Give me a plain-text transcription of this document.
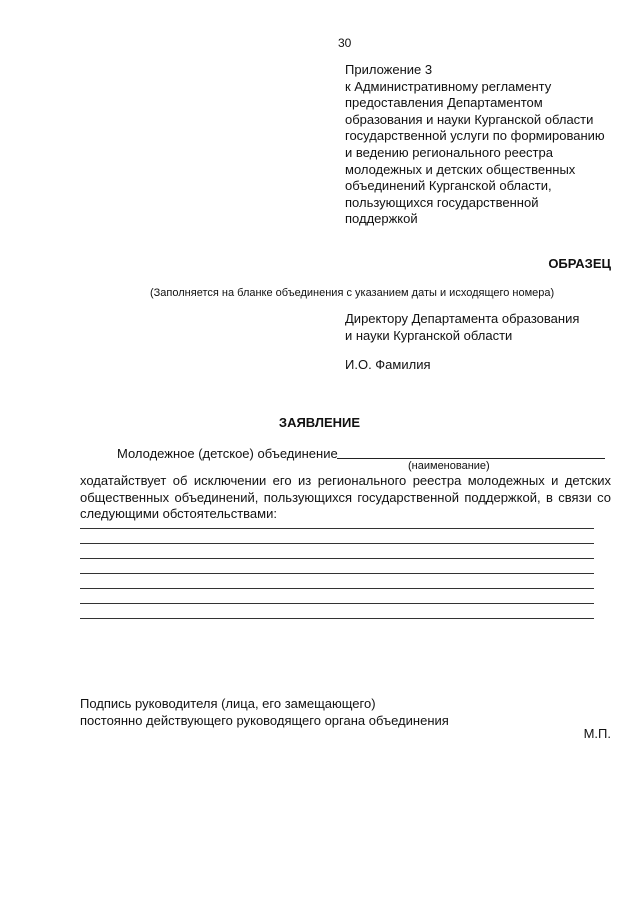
30
Приложение 3
к Административному регламенту
предоставления Департаментом
образования и науки Курганской области
государственной услуги по формированию
и ведению регионального реестра
молодежных и детских общественных
объединений Курганской области,
пользующихся государственной
поддержкой
ОБРАЗЕЦ
(Заполняется на бланке объединения с указанием даты и исходящего номера)
Директору Департамента образования
и науки Курганской области
И.О. Фамилия
ЗАЯВЛЕНИЕ
Молодежное (детское) объединение
(наименование)
ходатайствует об исключении его из регионального реестра молодежных и детских
общественных объединений, пользующихся государственной поддержкой, в связи со
следующими обстоятельствами:
Подпись руководителя (лица, его замещающего)
постоянно действующего руководящего органа объединения
М.П.
